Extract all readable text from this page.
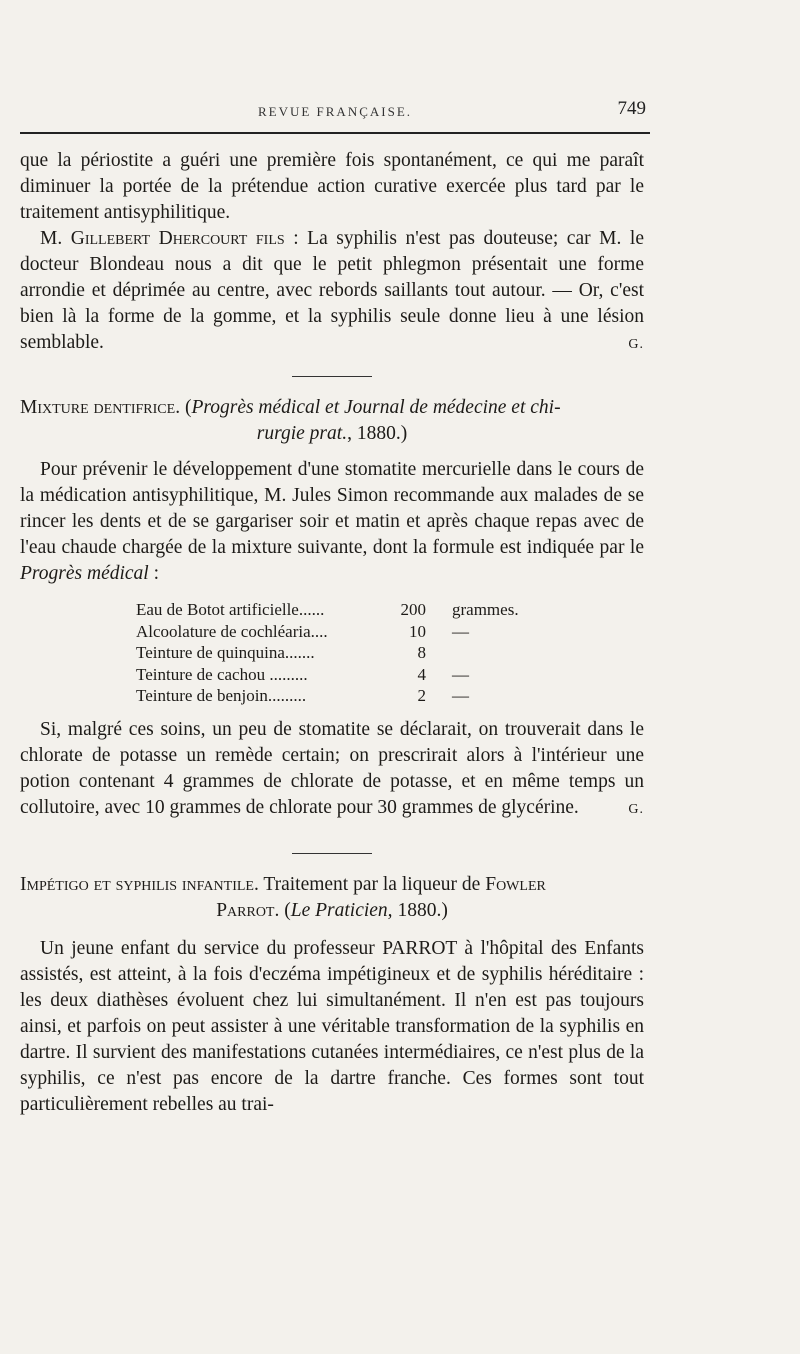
REVUE FRANÇAISE.	749

que la périostite a guéri une première fois spontanément, ce qui me paraît diminuer la portée de la prétendue action curative exercée plus tard par le traitement antisyphilitique.

M. Gillebert Dhercourt fils : La syphilis n'est pas douteuse; car M. le docteur Blondeau nous a dit que le petit phlegmon présentait une forme arrondie et déprimée au centre, avec rebords saillants tout autour. — Or, c'est bien là la forme de la gomme, et la syphilis seule donne lieu à une lésion semblable.	G.

Mixture dentifrice. (Progrès médical et Journal de médecine et chi-

rurgie prat., 1880.)

Pour prévenir le développement d'une stomatite mercurielle dans le cours de la médication antisyphilitique, M. Jules Simon recommande aux malades de se rincer les dents et de se gargariser soir et matin et après chaque repas avec de l'eau chaude chargée de la mixture suivante, dont la formule est indiquée par le Progrès médical :

Eau de Botot artificielle......	200 grammes.
Alcoolature de cochléaria....	10 —
Teinture de quinquina.......	8
Teinture de cachou .........	4 —
Teinture de benjoin.........	2 —

Si, malgré ces soins, un peu de stomatite se déclarait, on trouverait dans le chlorate de potasse un remède certain; on prescrirait alors à l'intérieur une potion contenant 4 grammes de chlorate de potasse, et en même temps un collutoire, avec 10 grammes de chlorate pour 30 grammes de glycérine.	G.

Impétigo et syphilis infantile. Traitement par la liqueur de Fowler

Parrot. (Le Praticien, 1880.)

Un jeune enfant du service du professeur PARROT à l'hôpital des Enfants assistés, est atteint, à la fois d'eczéma impétigineux et de syphilis héréditaire : les deux diathèses évoluent chez lui simultanément. Il n'en est pas toujours ainsi, et parfois on peut assister à une véritable transformation de la syphilis en dartre. Il survient des manifestations cutanées intermédiaires, ce n'est plus de la syphilis, ce n'est pas encore de la dartre franche. Ces formes sont tout particulièrement rebelles au trai-
